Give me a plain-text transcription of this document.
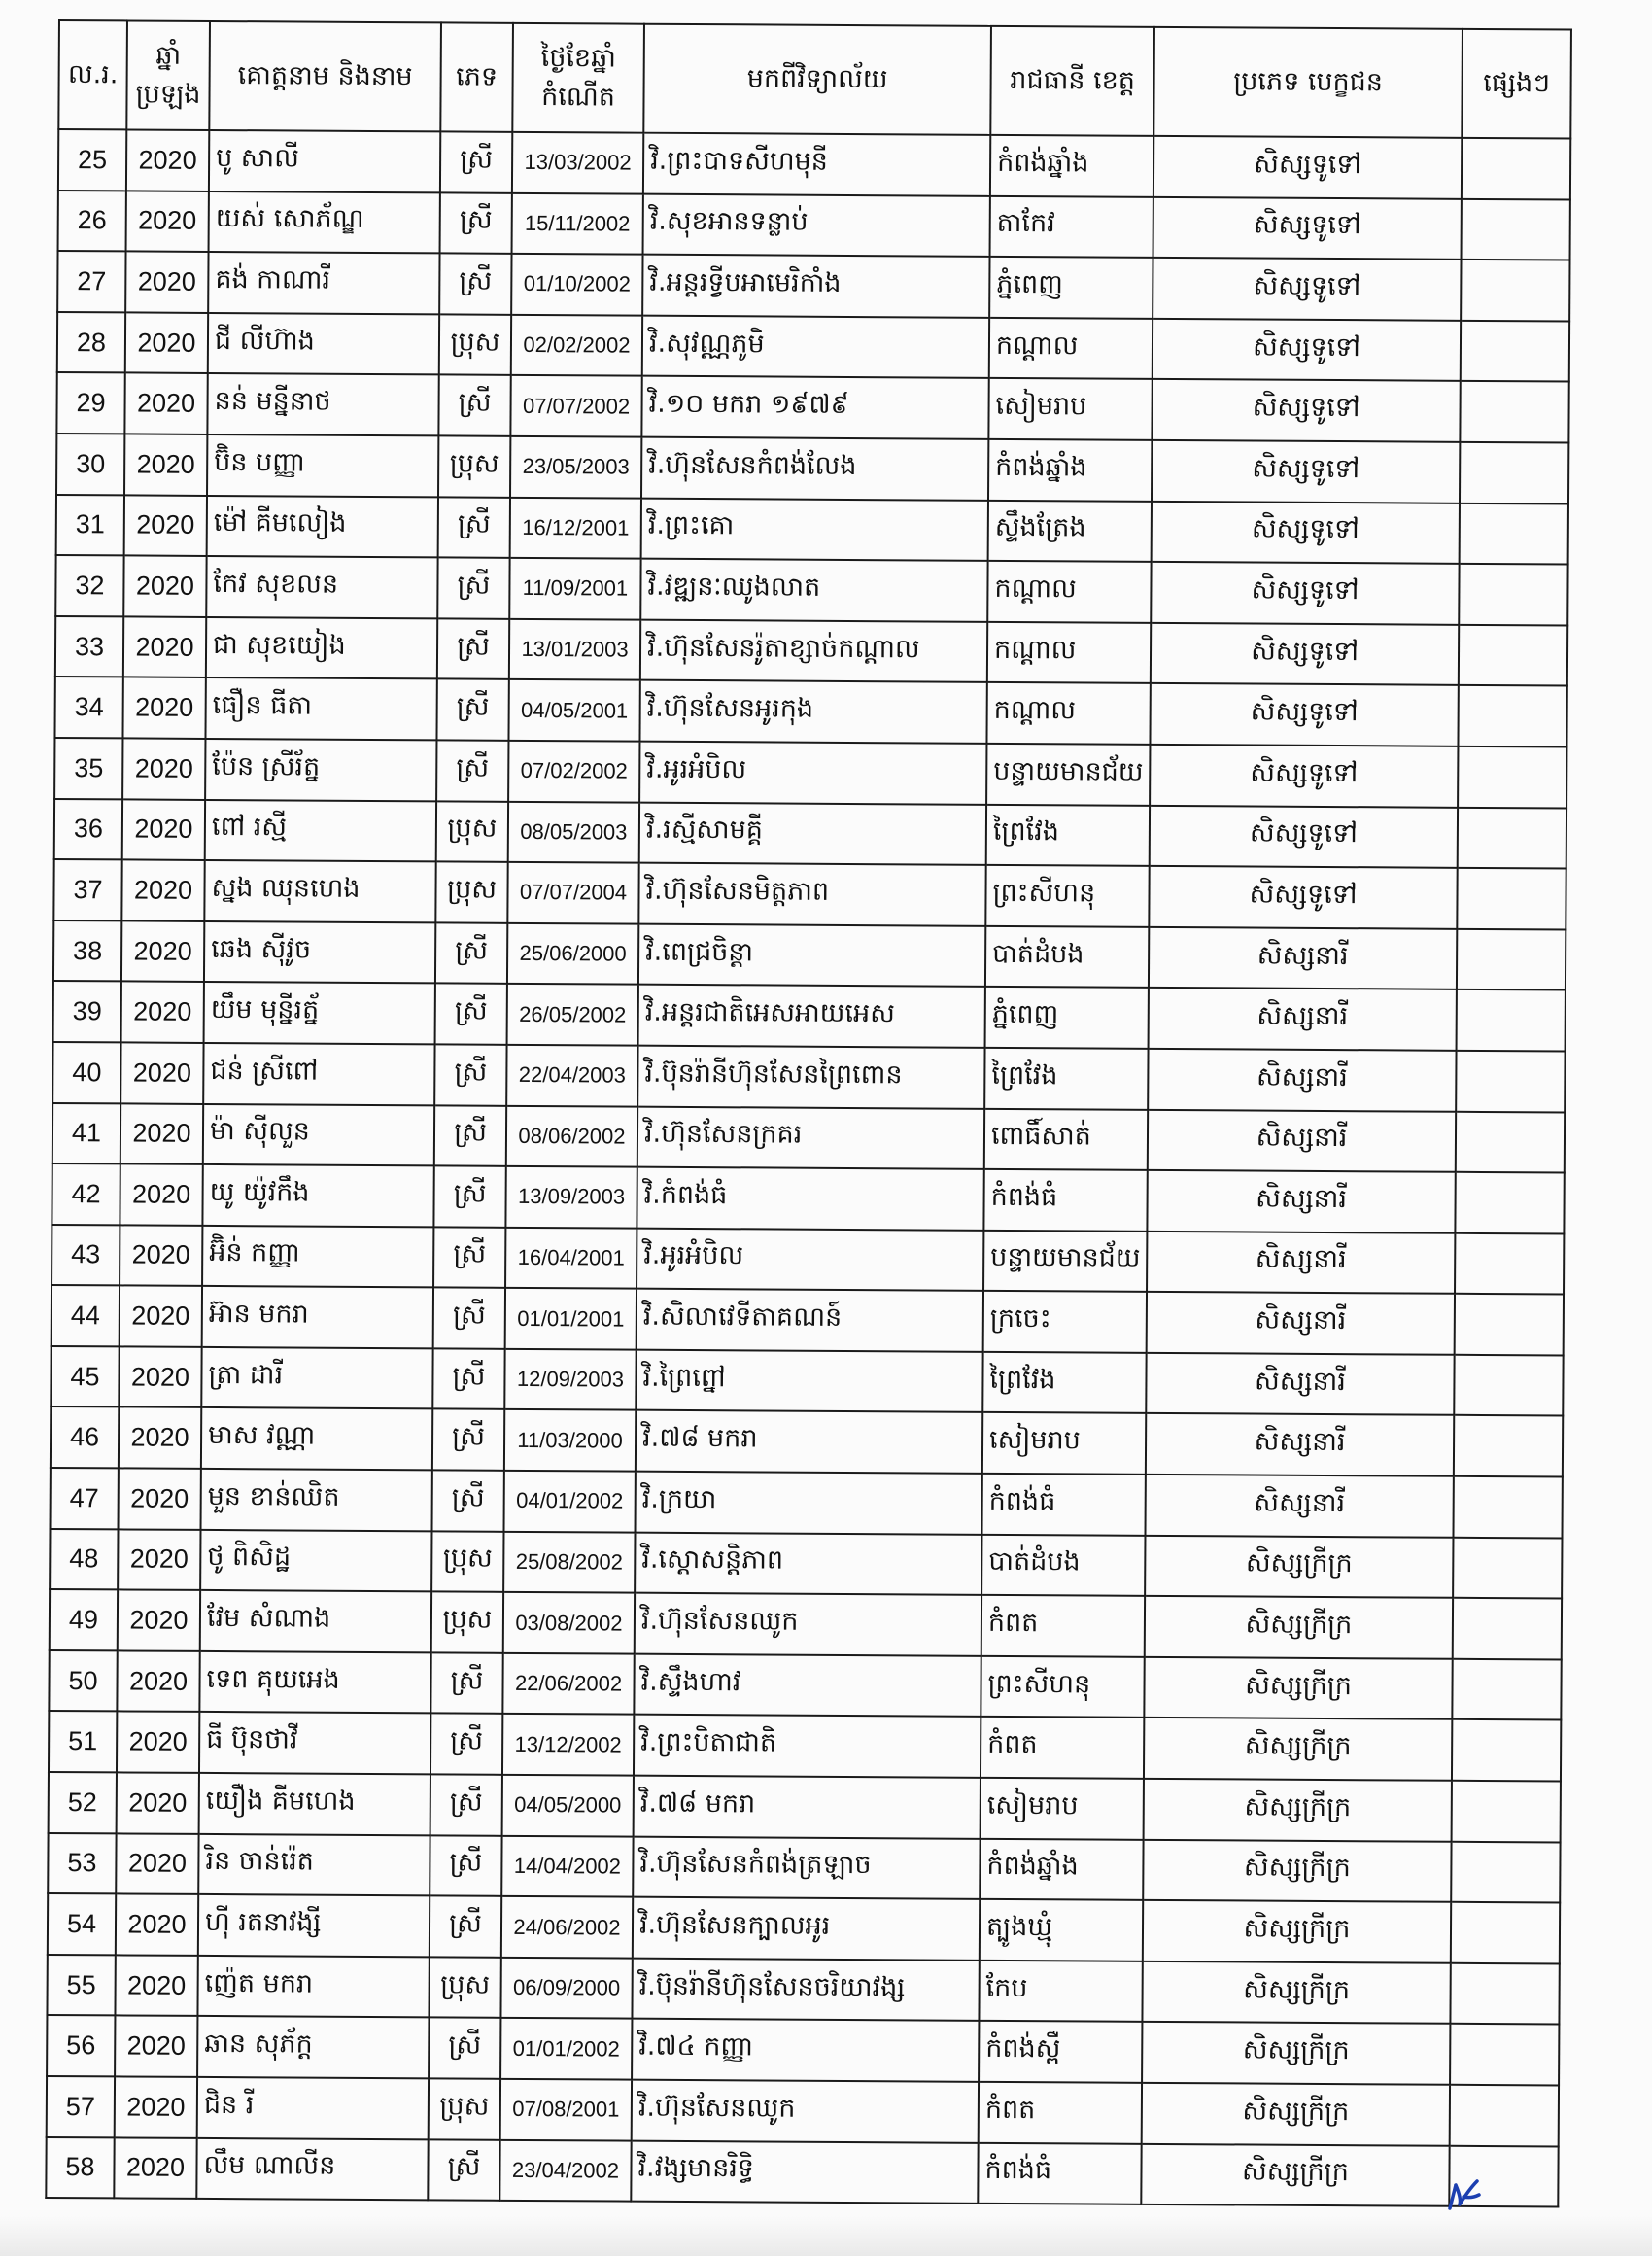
ល.រ.	ឆ្នាំ ប្រឡង	គោត្តនាម និងនាម	ភេទ	ថ្ងៃខែឆ្នាំ កំណើត	មកពីវិទ្យាល័យ	រាជធានី ខេត្ត	ប្រភេទ បេក្ខជន	ផ្សេងៗ
25	2020	បូ សាលី	ស្រី	13/03/2002	វិ.ព្រះបាទសីហមុនី	កំពង់ឆ្នាំង	សិស្សទូទៅ	
26	2020	យស់ សោភ័ណ្ឌ	ស្រី	15/11/2002	វិ.សុខអានទន្លាប់	តាកែវ	សិស្សទូទៅ	
27	2020	គង់ កាណារី	ស្រី	01/10/2002	វិ.អន្តរទ្វីបអាមេរិកាំង	ភ្នំពេញ	សិស្សទូទៅ	
28	2020	ជី លីហ៊ាង	ប្រុស	02/02/2002	វិ.សុវណ្ណភូមិ	កណ្ដាល	សិស្សទូទៅ	
29	2020	នន់ មន្នីនាថ	ស្រី	07/07/2002	វិ.១០ មករា ១៩៧៩	សៀមរាប	សិស្សទូទៅ	
30	2020	ប៊ិន បញ្ញា	ប្រុស	23/05/2003	វិ.ហ៊ុនសែនកំពង់លែង	កំពង់ឆ្នាំង	សិស្សទូទៅ	
31	2020	ម៉ៅ គីមលៀង	ស្រី	16/12/2001	វិ.ព្រះគោ	ស្ទឹងត្រែង	សិស្សទូទៅ	
32	2020	កែវ សុខលន	ស្រី	11/09/2001	វិ.វឌ្ឍនៈឈូងលាត	កណ្ដាល	សិស្សទូទៅ	
33	2020	ជា សុខយៀង	ស្រី	13/01/2003	វិ.ហ៊ុនសែនរ៉ូតាខ្សាច់កណ្ដាល	កណ្ដាល	សិស្សទូទៅ	
34	2020	ធឿន ធីតា	ស្រី	04/05/2001	វិ.ហ៊ុនសែនអូរកុង	កណ្ដាល	សិស្សទូទៅ	
35	2020	ប៉ែន ស្រីរ័ត្ន	ស្រី	07/02/2002	វិ.អូរអំបិល	បន្ទាយមានជ័យ	សិស្សទូទៅ	
36	2020	ពៅ រស្មី	ប្រុស	08/05/2003	វិ.រស្មីសាមគ្គី	ព្រៃវែង	សិស្សទូទៅ	
37	2020	ស្នង ឈុនហេង	ប្រុស	07/07/2004	វិ.ហ៊ុនសែនមិត្តភាព	ព្រះសីហនុ	សិស្សទូទៅ	
38	2020	ឆេង ស៊ីវូច	ស្រី	25/06/2000	វិ.ពេជ្រចិន្ដា	បាត់ដំបង	សិស្សនារី	
39	2020	យឹម មុន្នីរត្ន័	ស្រី	26/05/2002	វិ.អន្តរជាតិអេសអាយអេស	ភ្នំពេញ	សិស្សនារី	
40	2020	ជន់ ស្រីពៅ	ស្រី	22/04/2003	វិ.ប៊ុនរ៉ានីហ៊ុនសែនព្រៃពោន	ព្រៃវែង	សិស្សនារី	
41	2020	ម៉ា ស៊ីលួន	ស្រី	08/06/2002	វិ.ហ៊ុនសែនក្រគរ	ពោធិ៍សាត់	សិស្សនារី	
42	2020	យូ យ៉ូវកឹង	ស្រី	13/09/2003	វិ.កំពង់ធំ	កំពង់ធំ	សិស្សនារី	
43	2020	អ៊ិន់ កញ្ញា	ស្រី	16/04/2001	វិ.អូរអំបិល	បន្ទាយមានជ័យ	សិស្សនារី	
44	2020	អ៊ាន មករា	ស្រី	01/01/2001	វិ.សិលាវេទីតាគណន៍	ក្រចេះ	សិស្សនារី	
45	2020	ត្រា ដារី	ស្រី	12/09/2003	វិ.ព្រៃព្នៅ	ព្រៃវែង	សិស្សនារី	
46	2020	មាស វណ្ណា	ស្រី	11/03/2000	វិ.៧៨ មករា	សៀមរាប	សិស្សនារី	
47	2020	មួន ខាន់ឈិត	ស្រី	04/01/2002	វិ.ក្រយា	កំពង់ធំ	សិស្សនារី	
48	2020	ថូ ពិសិដ្ឋ	ប្រុស	25/08/2002	វិ.ស្ដោសន្តិភាព	បាត់ដំបង	សិស្សក្រីក្រ	
49	2020	វែម សំណាង	ប្រុស	03/08/2002	វិ.ហ៊ុនសែនឈូក	កំពត	សិស្សក្រីក្រ	
50	2020	ទេព គុយអេង	ស្រី	22/06/2002	វិ.ស្ទឹងហាវ	ព្រះសីហនុ	សិស្សក្រីក្រ	
51	2020	ធី ប៊ុនថាវី	ស្រី	13/12/2002	វិ.ព្រះបិតាជាតិ	កំពត	សិស្សក្រីក្រ	
52	2020	យឿង គីមហេង	ស្រី	04/05/2000	វិ.៧៨ មករា	សៀមរាប	សិស្សក្រីក្រ	
53	2020	រិន ចាន់រ៉េត	ស្រី	14/04/2002	វិ.ហ៊ុនសែនកំពង់ត្រឡាច	កំពង់ឆ្នាំង	សិស្សក្រីក្រ	
54	2020	ហ៊ី រតនាវង្សី	ស្រី	24/06/2002	វិ.ហ៊ុនសែនក្បាលអូរ	ត្បូងឃ្មុំ	សិស្សក្រីក្រ	
55	2020	ញ៉េត មករា	ប្រុស	06/09/2000	វិ.ប៊ុនរ៉ានីហ៊ុនសែនចរិយាវង្ស	កែប	សិស្សក្រីក្រ	
56	2020	ឆាន សុភ័ក្ត	ស្រី	01/01/2002	វិ.៧៤ កញ្ញា	កំពង់ស្ពឺ	សិស្សក្រីក្រ	
57	2020	ជិន រី	ប្រុស	07/08/2001	វិ.ហ៊ុនសែនឈូក	កំពត	សិស្សក្រីក្រ	
58	2020	លឹម ណាលីន	ស្រី	23/04/2002	វិ.វង្សមានរិទ្ធិ	កំពង់ធំ	សិស្សក្រីក្រ	
